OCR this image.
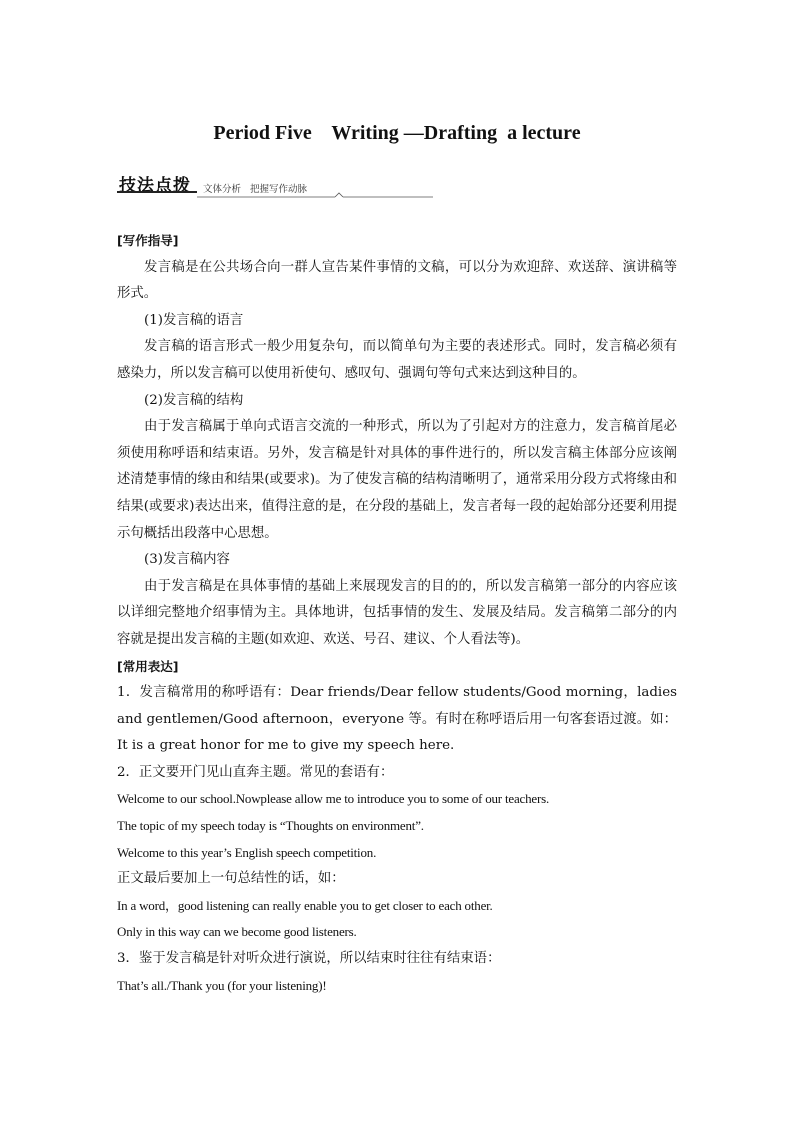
Period Five    Writing —Drafting  a lecture
技法点拨 文体分析   把握写作动脉

[写作指导]

发言稿是在公共场合向一群人宣告某件事情的文稿，可以分为欢迎辞、欢送辞、演讲稿等形式。

(1)发言稿的语言

发言稿的语言形式一般少用复杂句，而以简单句为主要的表述形式。同时，发言稿必须有感染力，所以发言稿可以使用祈使句、感叹句、强调句等句式来达到这种目的。

(2)发言稿的结构

由于发言稿属于单向式语言交流的一种形式，所以为了引起对方的注意力，发言稿首尾必须使用称呼语和结束语。另外，发言稿是针对具体的事件进行的，所以发言稿主体部分应该阐述清楚事情的缘由和结果(或要求)。为了使发言稿的结构清晰明了，通常采用分段方式将缘由和结果(或要求)表达出来，值得注意的是，在分段的基础上，发言者每一段的起始部分还要利用提示句概括出段落中心思想。

(3)发言稿内容

由于发言稿是在具体事情的基础上来展现发言的目的的，所以发言稿第一部分的内容应该以详细完整地介绍事情为主。具体地讲，包括事情的发生、发展及结局。发言稿第二部分的内容就是提出发言稿的主题(如欢迎、欢送、号召、建议、个人看法等)。

[常用表达]

1．发言稿常用的称呼语有：Dear friends/Dear fellow students/Good morning，ladies and gentlemen/Good afternoon，everyone 等。有时在称呼语后用一句客套语过渡。如：It is a great honor for me to give my speech here.

2．正文要开门见山直奔主题。常见的套语有：

Welcome to our school.Nowplease allow me to introduce you to some of our teachers.

The topic of my speech today is “Thoughts on environment”.

Welcome to this year’s English speech competition.

正文最后要加上一句总结性的话，如：

In a word，good listening can really enable you to get closer to each other.

Only in this way can we become good listeners.

3．鉴于发言稿是针对听众进行演说，所以结束时往往有结束语：

That’s all./Thank you (for your listening)!
